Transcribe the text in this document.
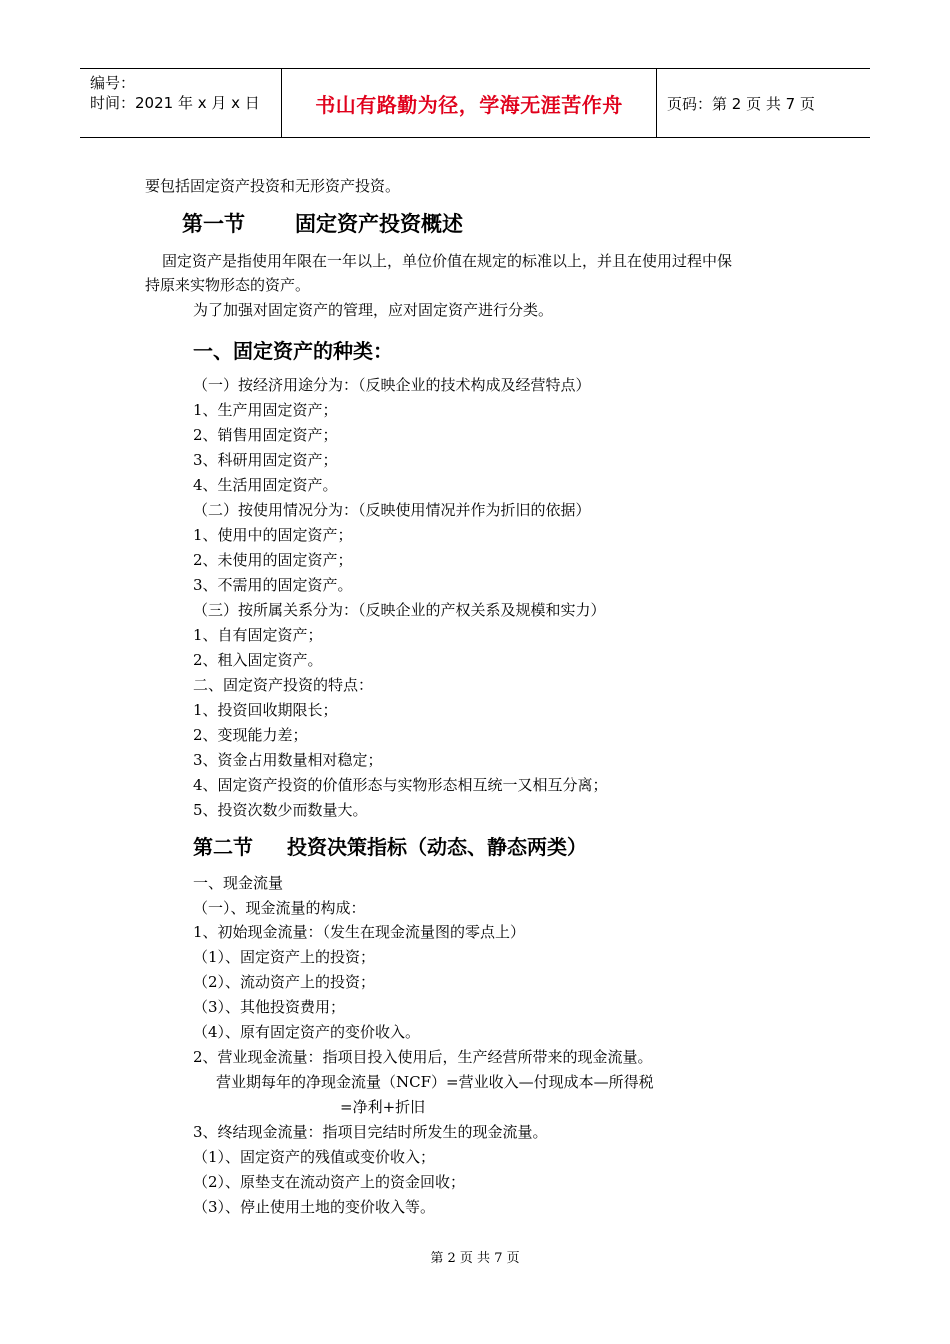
编号：
时间：2021 年 x 月 x 日	书山有路勤为径，学海无涯苦作舟	页码：第 2 页 共 7 页
要包括固定资产投资和无形资产投资。
第一节 固定资产投资概述
固定资产是指使用年限在一年以上，单位价值在规定的标准以上，并且在使用过程中保
持原来实物形态的资产。
为了加强对固定资产的管理，应对固定资产进行分类。
一、固定资产的种类：
（一）按经济用途分为：（反映企业的技术构成及经营特点）
1、生产用固定资产；
2、销售用固定资产；
3、科研用固定资产；
4、生活用固定资产。
（二）按使用情况分为：（反映使用情况并作为折旧的依据）
1、使用中的固定资产；
2、未使用的固定资产；
3、不需用的固定资产。
（三）按所属关系分为：（反映企业的产权关系及规模和实力）
1、自有固定资产；
2、租入固定资产。
二、固定资产投资的特点：
1、投资回收期限长；
2、变现能力差；
3、资金占用数量相对稳定；
4、固定资产投资的价值形态与实物形态相互统一又相互分离；
5、投资次数少而数量大。
第二节 投资决策指标（动态、静态两类）
一、现金流量
（一）、现金流量的构成：
1、初始现金流量：（发生在现金流量图的零点上）
（1）、固定资产上的投资；
（2）、流动资产上的投资；
（3）、其他投资费用；
（4）、原有固定资产的变价收入。
2、营业现金流量：指项目投入使用后，生产经营所带来的现金流量。
营业期每年的净现金流量（NCF）=营业收入—付现成本—所得税
=净利+折旧
3、终结现金流量：指项目完结时所发生的现金流量。
（1）、固定资产的残值或变价收入；
（2）、原垫支在流动资产上的资金回收；
（3）、停止使用土地的变价收入等。
第 2 页 共 7 页
